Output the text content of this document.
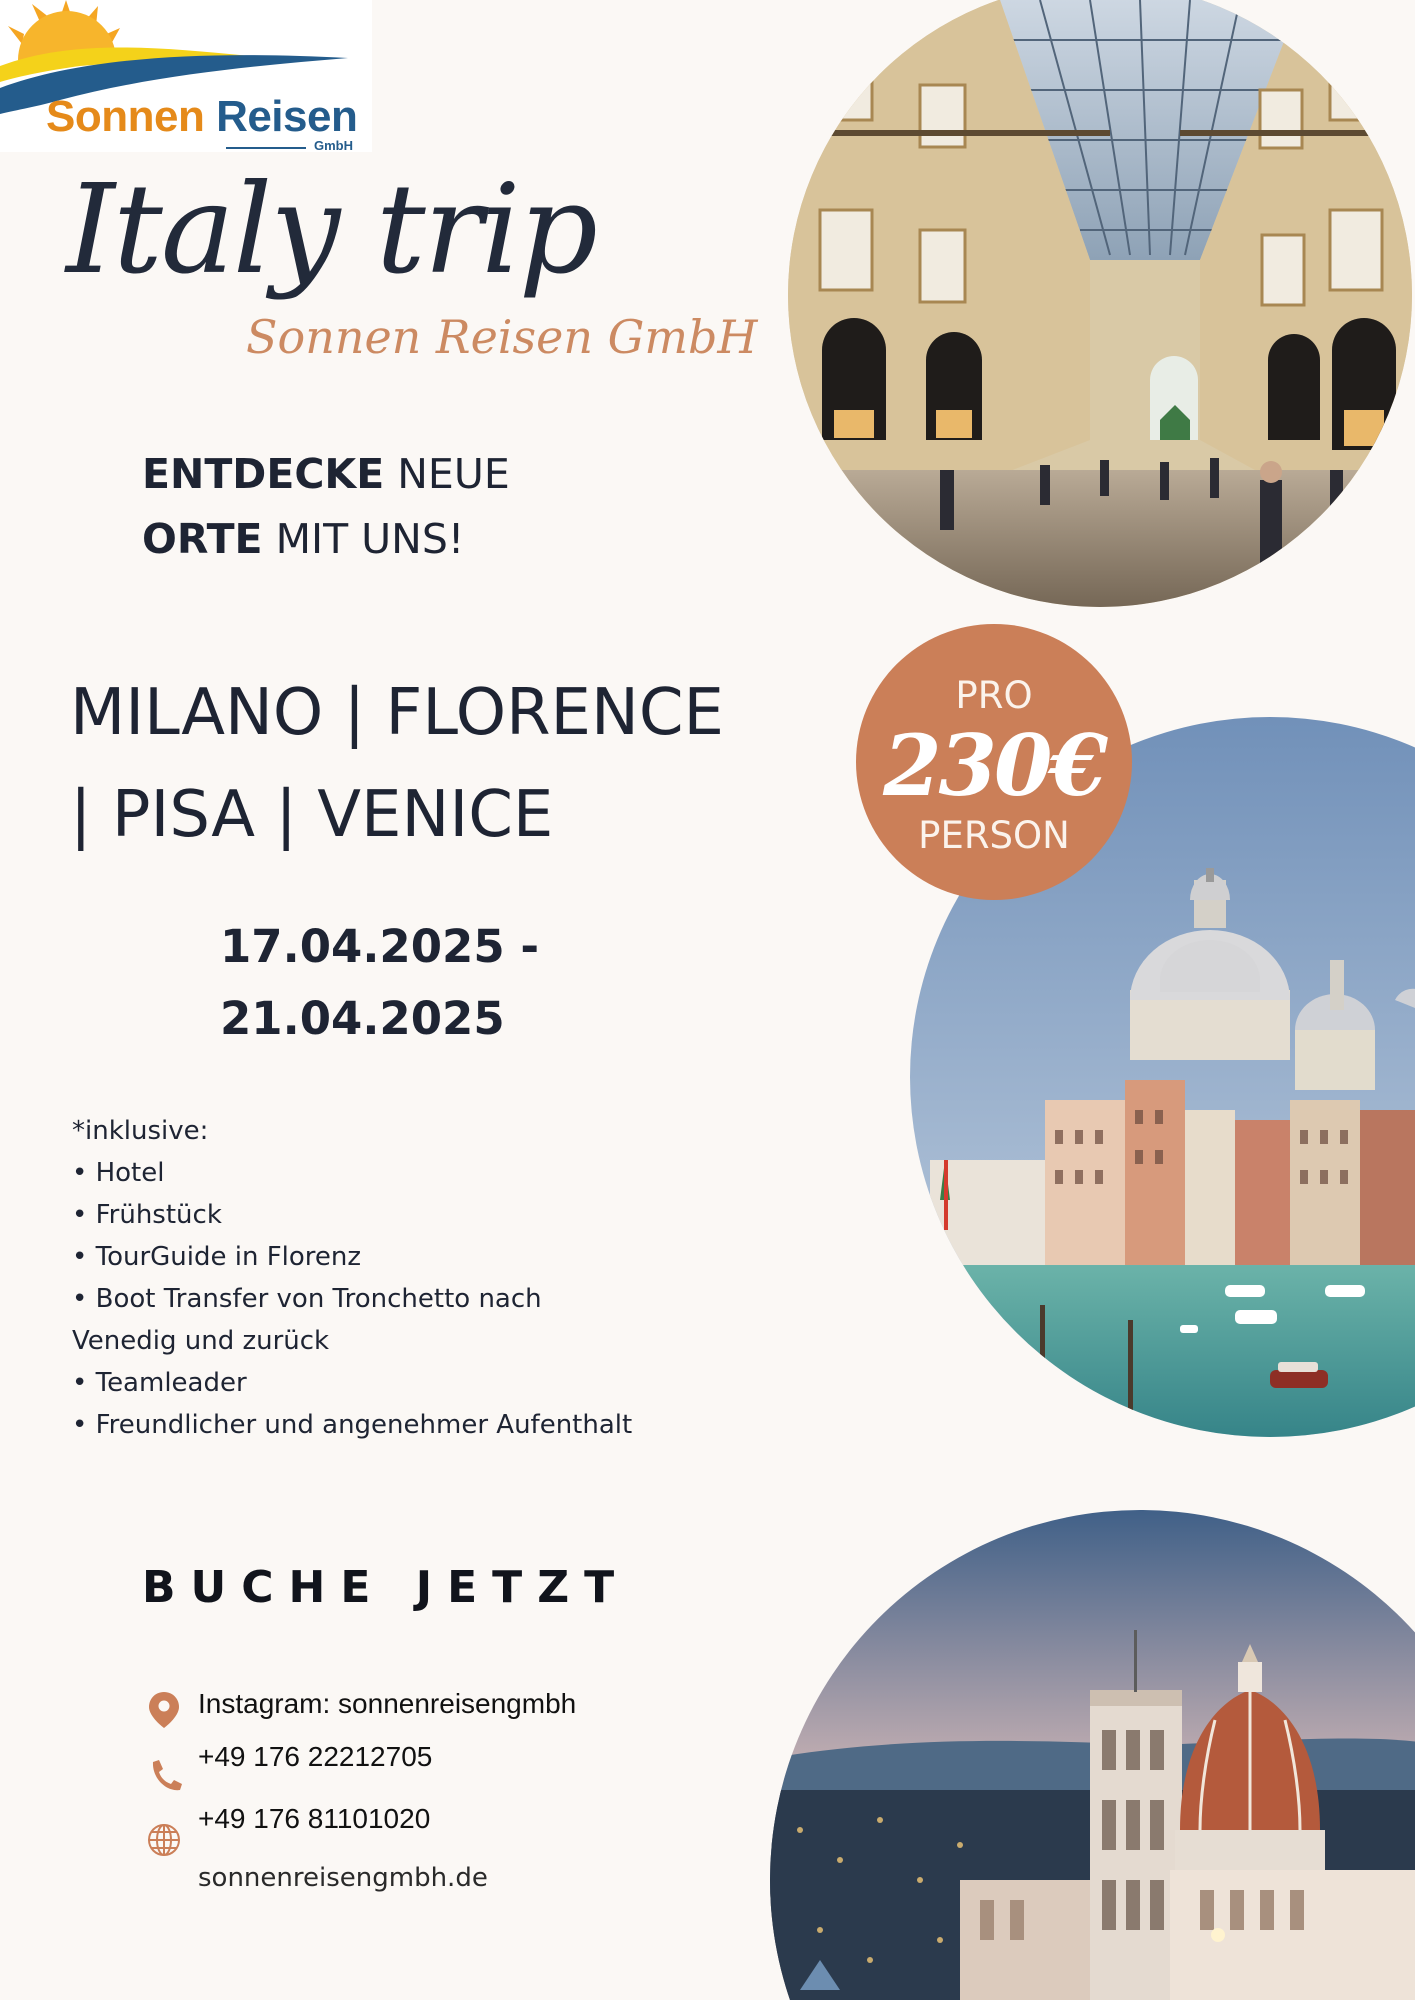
Sonnen Reisen
GmbH
Italy trip
Sonnen Reisen GmbH
ENTDECKE NEUE
ORTE MIT UNS!
MILANO | FLORENCE
| PISA | VENICE
17.04.2025 -
21.04.2025
*inklusive:
• Hotel
• Frühstück
• TourGuide in Florenz
• Boot Transfer von Tronchetto nach
Venedig und zurück
• Teamleader
• Freundlicher und angenehmer Aufenthalt
BUCHE JETZT
Instagram: sonnenreisengmbh
+49 176 22212705
+49 176 81101020
sonnenreisengmbh.de
PRO
230€
PERSON
